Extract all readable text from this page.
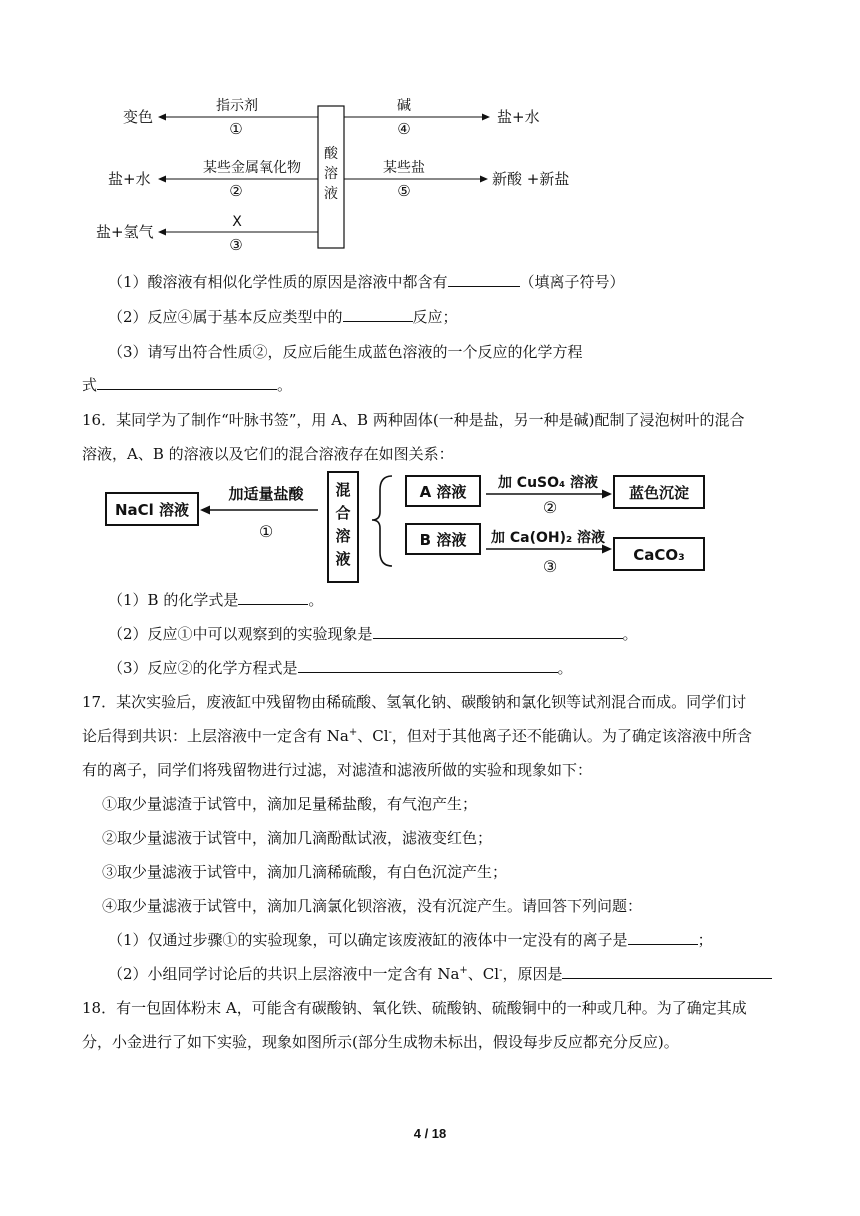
酸
溶
液
变色
指示剂
①
盐+水
某些金属氧化物
②
盐+氢气
X
③
碱
④
盐+水
某些盐
⑤
新酸 +新盐
（1）酸溶液有相似化学性质的原因是溶液中都含有	（填离子符号）
（2）反应④属于基本反应类型中的	反应；
（3）请写出符合性质②，反应后能生成蓝色溶液的一个反应的化学方程
式	。
16．某同学为了制作“叶脉书签”，用 A、B 两种固体(一种是盐，另一种是碱)配制了浸泡树叶的混合
溶液，A、B 的溶液以及它们的混合溶液存在如图关系：
NaCl 溶液
加适量盐酸
①
混
合
溶
液
A 溶液
B 溶液
加 CuSO₄ 溶液
②
加 Ca(OH)₂ 溶液
③
蓝色沉淀
CaCO₃
（1）B 的化学式是	。
（2）反应①中可以观察到的实验现象是	。
（3）反应②的化学方程式是	。
17．某次实验后，废液缸中残留物由稀硫酸、氢氧化钠、碳酸钠和氯化钡等试剂混合而成。同学们讨
论后得到共识：上层溶液中一定含有 Na+、Cl-，但对于其他离子还不能确认。为了确定该溶液中所含
有的离子，同学们将残留物进行过滤，对滤渣和滤液所做的实验和现象如下：
①取少量滤渣于试管中，滴加足量稀盐酸，有气泡产生；
②取少量滤液于试管中，滴加几滴酚酞试液，滤液变红色；
③取少量滤液于试管中，滴加几滴稀硫酸，有白色沉淀产生；
④取少量滤液于试管中，滴加几滴氯化钡溶液，没有沉淀产生。请回答下列问题：
（1）仅通过步骤①的实验现象，可以确定该废液缸的液体中一定没有的离子是	；
（2）小组同学讨论后的共识上层溶液中一定含有 Na+、Cl-，原因是
18．有一包固体粉末 A，可能含有碳酸钠、氧化铁、硫酸钠、硫酸铜中的一种或几种。为了确定其成
分，小金进行了如下实验，现象如图所示(部分生成物未标出，假设每步反应都充分反应)。
4 / 18
